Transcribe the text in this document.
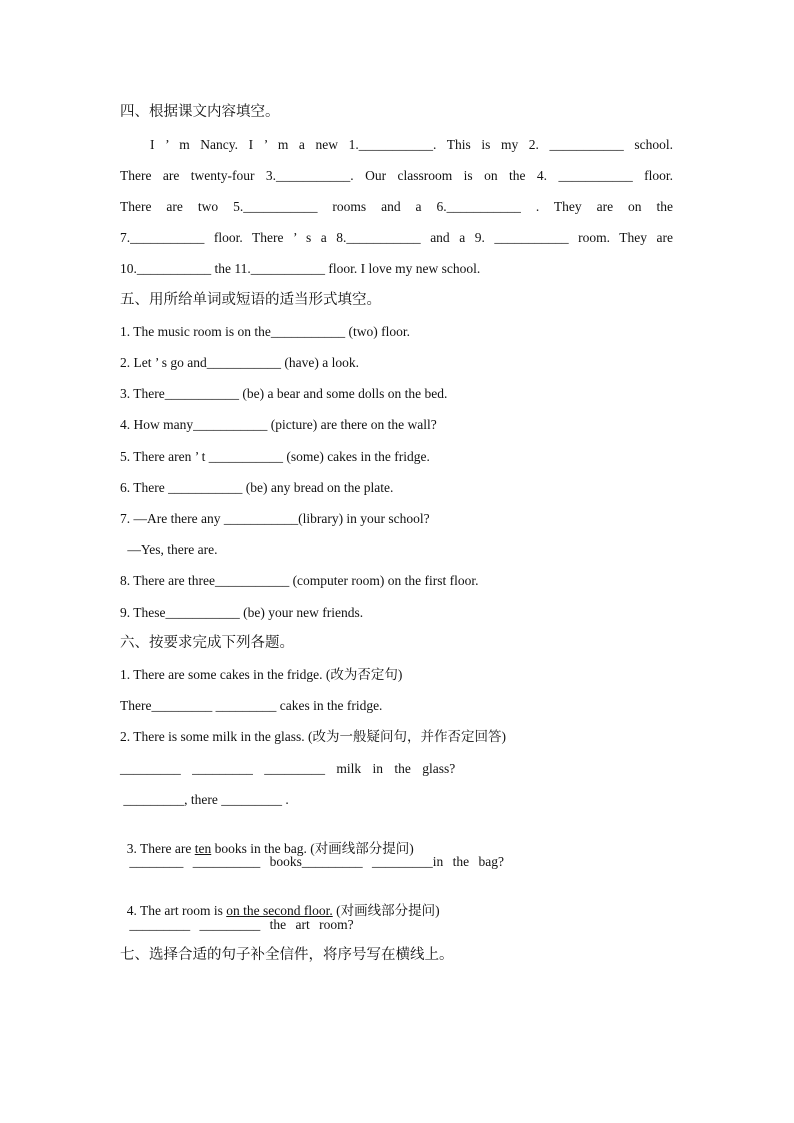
四、根据课文内容填空。
I ’ m Nancy. I ’ m a new 1.___________. This is my 2. ___________ school.
There are twenty-four 3.___________. Our classroom is on the 4. ___________ floor.
There are two 5.___________ rooms and a 6.___________ . They are on the
7.___________ floor. There ’ s a 8.___________ and a 9. ___________ room. They are
10.___________ the 11.___________ floor. I love my new school.
五、用所给单词或短语的适当形式填空。
1. The music room is on the___________ (two) floor.
2. Let ’ s go and___________ (have) a look.
3. There___________ (be) a bear and some dolls on the bed.
4. How many___________ (picture) are there on the wall?
5. There aren ’ t ___________ (some) cakes in the fridge.
6. There ___________ (be) any bread on the plate.
7. —Are there any ___________(library) in your school?
—Yes, there are.
8. There are three___________ (computer room) on the first floor.
9. These___________ (be) your new friends.
六、按要求完成下列各题。
1. There are some cakes in the fridge. (改为否定句)
There_________ _________ cakes in the fridge.
2. There is some milk in the glass. (改为一般疑问句，并作否定回答)
_________ _________ _________ milk in the glass?
_________, there _________ .

3. There are ten books in the bag. (对画线部分提问)

________ __________ books_________ _________in the bag?

4. The art room is on the second floor. (对画线部分提问)

_________ _________ the art room?
七、选择合适的句子补全信件，将序号写在横线上。
